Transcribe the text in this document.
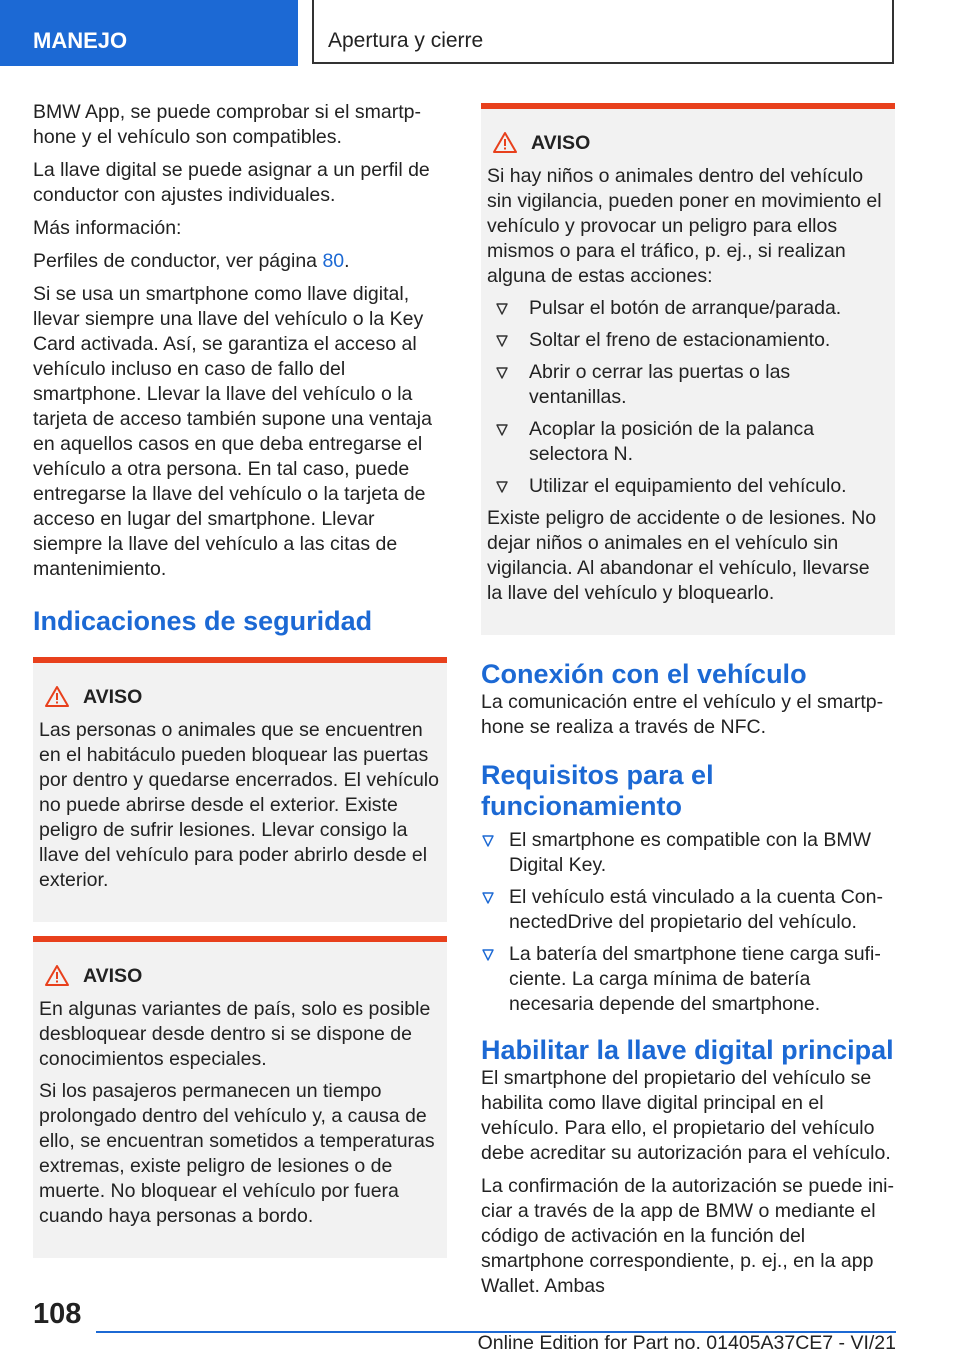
MANEJO	Apertura y cierre

BMW App, se puede comprobar si el smartphone y el vehículo son compatibles.

La llave digital se puede asignar a un perfil de conductor con ajustes individuales.

Más información:

Perfiles de conductor, ver página 80.

Si se usa un smartphone como llave digital, llevar siempre una llave del vehículo o la Key Card activada. Así, se garantiza el acceso al vehículo incluso en caso de fallo del smartphone. Llevar la llave del vehículo o la tarjeta de acceso también supone una ventaja en aquellos casos en que deba entregarse el vehículo a otra persona. En tal caso, puede entregarse la llave del vehículo o la tarjeta de acceso en lugar del smartphone. Llevar siempre la llave del vehículo a las citas de mantenimiento.

Indicaciones de seguridad
AVISO

Las personas o animales que se encuentren en el habitáculo pueden bloquear las puertas por dentro y quedarse encerrados. El vehículo no puede abrirse desde el exterior. Existe peligro de sufrir lesiones. Llevar consigo la llave del vehículo para poder abrirlo desde el exterior.

AVISO

En algunas variantes de país, solo es posible desbloquear desde dentro si se dispone de conocimientos especiales.

Si los pasajeros permanecen un tiempo prolongado dentro del vehículo y, a causa de ello, se encuentran sometidos a temperaturas extremas, existe peligro de lesiones o de muerte. No bloquear el vehículo por fuera cuando haya personas a bordo.

AVISO

Si hay niños o animales dentro del vehículo sin vigilancia, pueden poner en movimiento el vehículo y provocar un peligro para ellos mismos o para el tráfico, p. ej., si realizan alguna de estas acciones:

Pulsar el botón de arranque/parada.
Soltar el freno de estacionamiento.
Abrir o cerrar las puertas o las ventanillas.
Acoplar la posición de la palanca selectora N.
Utilizar el equipamiento del vehículo.

Existe peligro de accidente o de lesiones. No dejar niños o animales en el vehículo sin vigilancia. Al abandonar el vehículo, llevarse la llave del vehículo y bloquearlo.

Conexión con el vehículo

La comunicación entre el vehículo y el smartphone se realiza a través de NFC.

Requisitos para el funcionamiento
El smartphone es compatible con la BMW Digital Key.
El vehículo está vinculado a la cuenta ConnectedDrive del propietario del vehículo.
La batería del smartphone tiene carga suficiente. La carga mínima de batería necesaria depende del smartphone.
Habilitar la llave digital principal

El smartphone del propietario del vehículo se habilita como llave digital principal en el vehículo. Para ello, el propietario del vehículo debe acreditar su autorización para el vehículo.

La confirmación de la autorización se puede iniciar a través de la app de BMW o mediante el código de activación en la función del smartphone correspondiente, p. ej., en la app Wallet. Ambas

108
Online Edition for Part no. 01405A37CE7 - VI/21
